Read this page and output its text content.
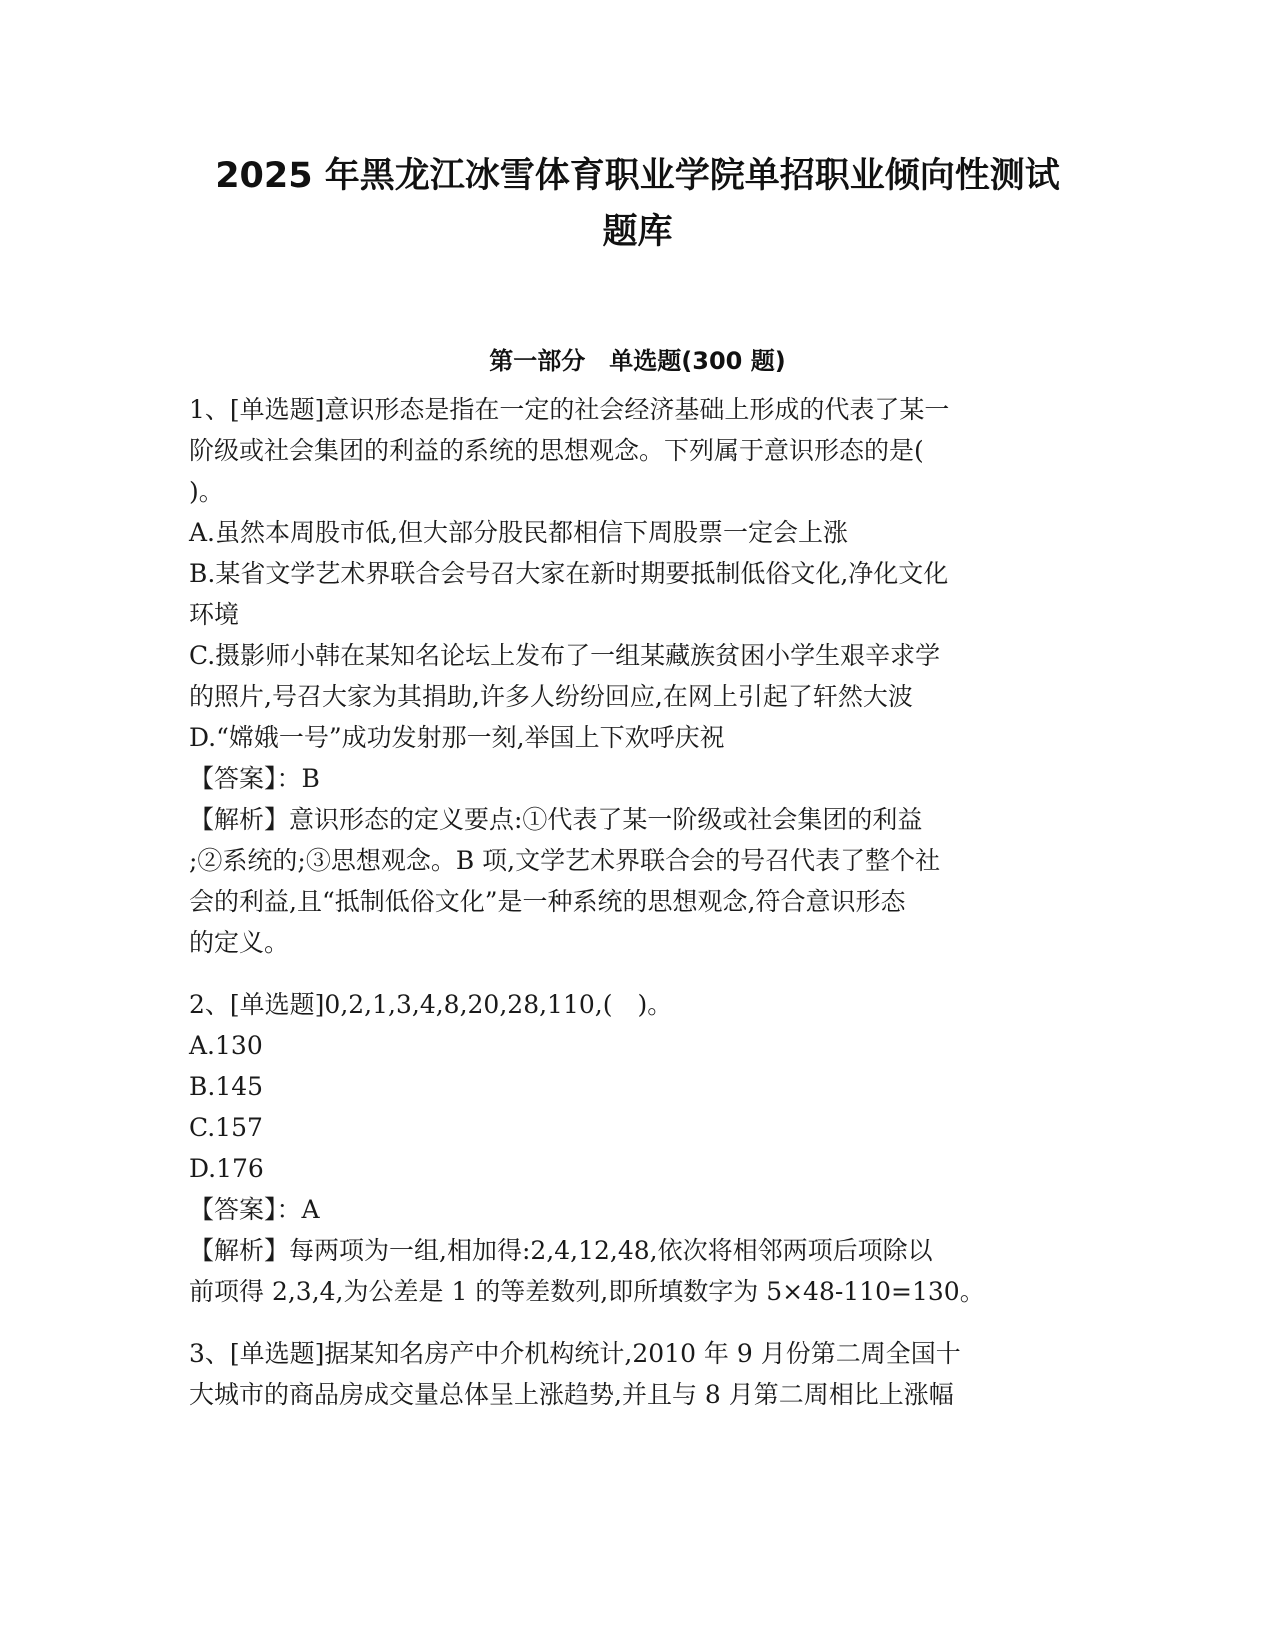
2025 年黑龙江冰雪体育职业学院单招职业倾向性测试
题库
第一部分　单选题(300 题)

1、[单选题]意识形态是指在一定的社会经济基础上形成的代表了某一

阶级或社会集团的利益的系统的思想观念。下列属于意识形态的是(

)。

A.虽然本周股市低,但大部分股民都相信下周股票一定会上涨

B.某省文学艺术界联合会号召大家在新时期要抵制低俗文化,净化文化

环境

C.摄影师小韩在某知名论坛上发布了一组某藏族贫困小学生艰辛求学

的照片,号召大家为其捐助,许多人纷纷回应,在网上引起了轩然大波

D.“嫦娥一号”成功发射那一刻,举国上下欢呼庆祝

【答案】：B

【解析】意识形态的定义要点:①代表了某一阶级或社会集团的利益

;②系统的;③思想观念。B 项,文学艺术界联合会的号召代表了整个社

会的利益,且“抵制低俗文化”是一种系统的思想观念,符合意识形态

的定义。

2、[单选题]0,2,1,3,4,8,20,28,110,(　)。

A.130

B.145

C.157

D.176

【答案】：A

【解析】每两项为一组,相加得:2,4,12,48,依次将相邻两项后项除以

前项得 2,3,4,为公差是 1 的等差数列,即所填数字为 5×48-110=130。

3、[单选题]据某知名房产中介机构统计,2010 年 9 月份第二周全国十

大城市的商品房成交量总体呈上涨趋势,并且与 8 月第二周相比上涨幅
